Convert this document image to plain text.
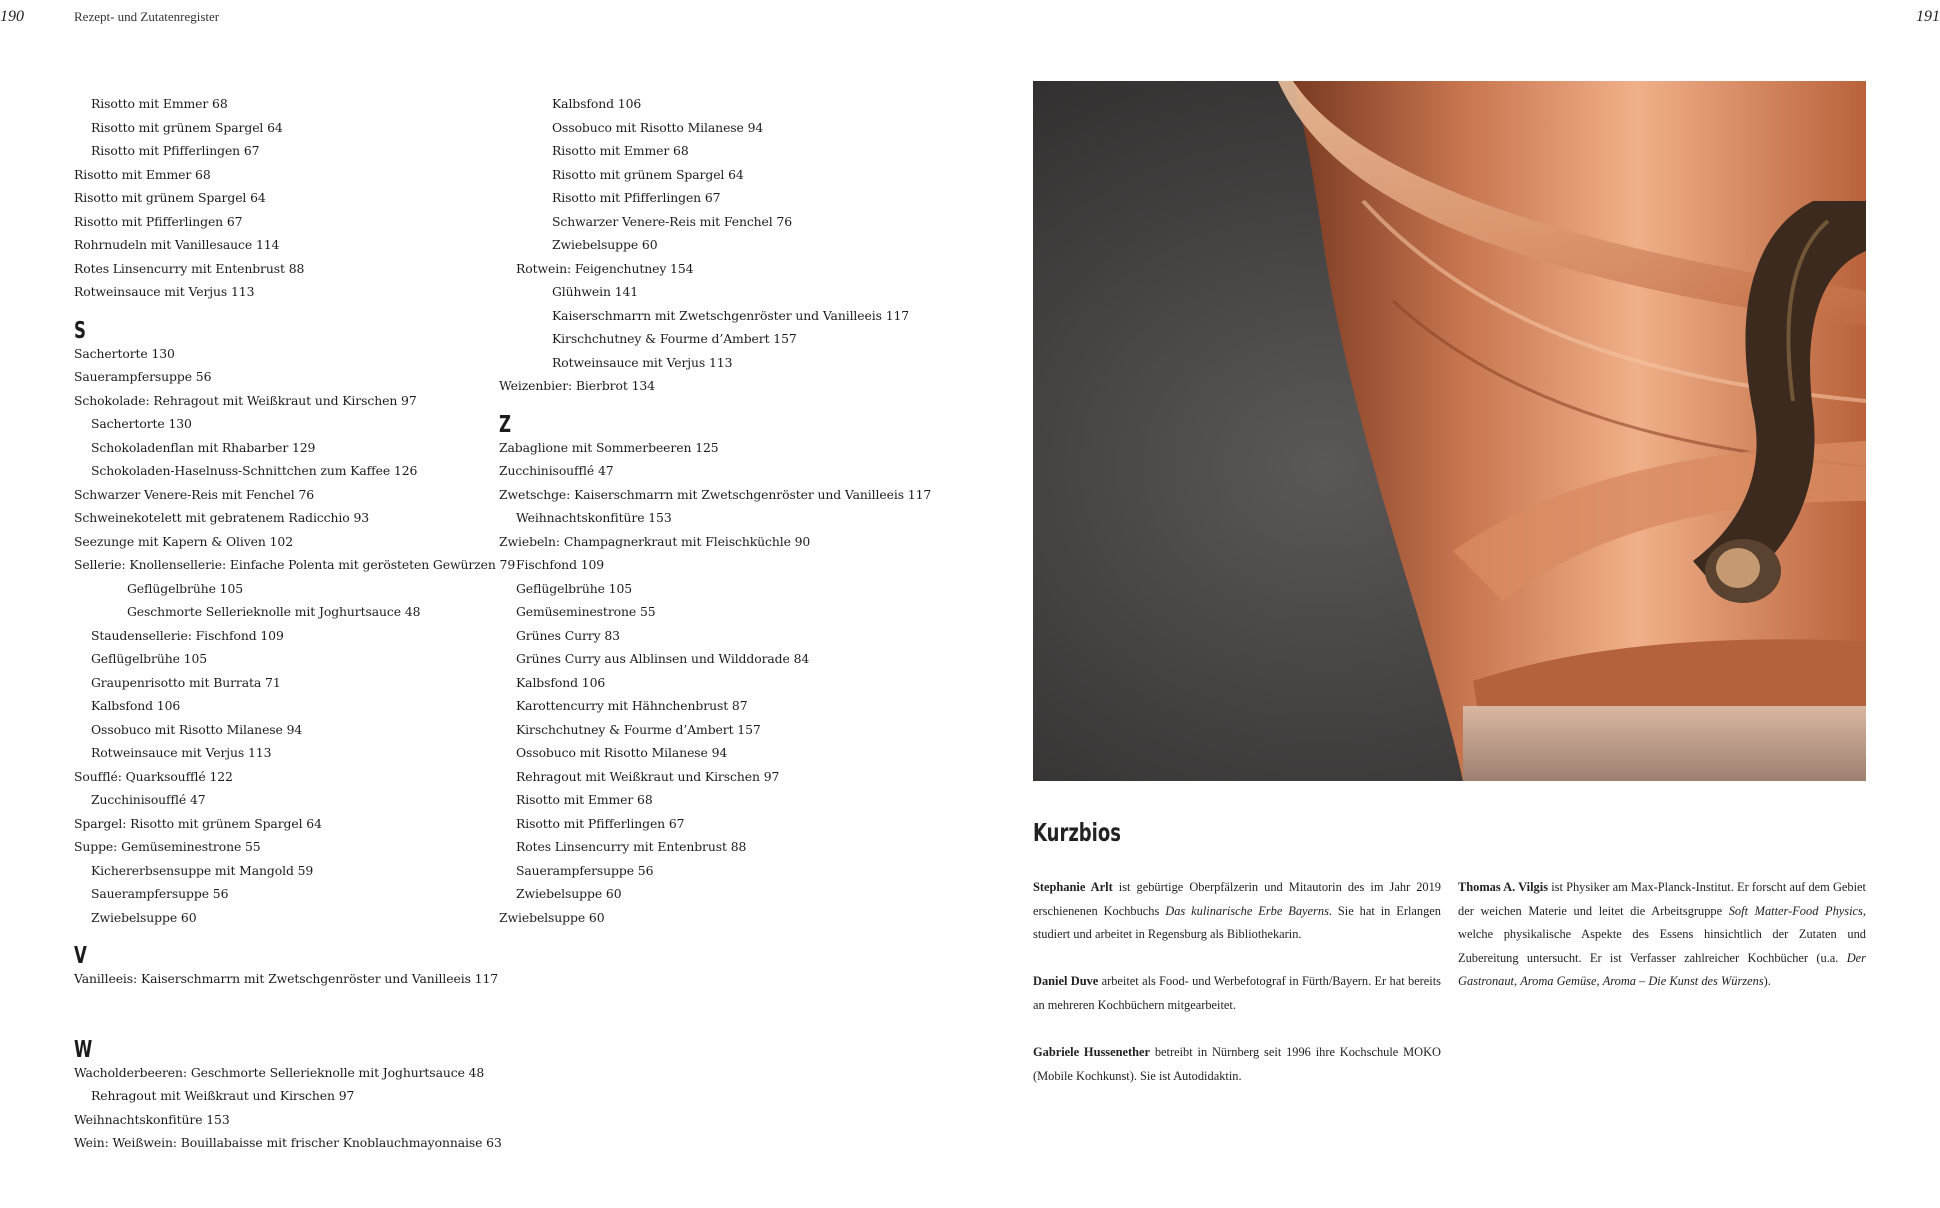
190	Rezept- und Zutatenregister	191
Risotto mit Emmer 68
Risotto mit grünem Spargel 64
Risotto mit Pfifferlingen 67
Risotto mit Emmer 68
Risotto mit grünem Spargel 64
Risotto mit Pfifferlingen 67
Rohrnudeln mit Vanillesauce 114
Rotes Linsencurry mit Entenbrust 88
Rotweinsauce mit Verjus 113
S
Sachertorte 130
Sauerampfersuppe 56
Schokolade: Rehragout mit Weißkraut und Kirschen 97
Sachertorte 130
Schokoladenflan mit Rhabarber 129
Schokoladen-Haselnuss-Schnittchen zum Kaffee 126
Schwarzer Venere-Reis mit Fenchel 76
Schweinekotelett mit gebratenem Radicchio 93
Seezunge mit Kapern & Oliven 102
Sellerie: Knollensellerie: Einfache Polenta mit gerösteten Gewürzen 79
Geflügelbrühe 105
Geschmorte Sellerieknolle mit Joghurtsauce 48
Staudensellerie: Fischfond 109
Geflügelbrühe 105
Graupenrisotto mit Burrata 71
Kalbsfond 106
Ossobuco mit Risotto Milanese 94
Rotweinsauce mit Verjus 113
Soufflé: Quarksoufflé 122
Zucchinisoufflé 47
Spargel: Risotto mit grünem Spargel 64
Suppe: Gemüseminestrone 55
Kichererbsensuppe mit Mangold 59
Sauerampfersuppe 56
Zwiebelsuppe 60
V
Vanilleeis: Kaiserschmarrn mit Zwetschgenröster und Vanilleeis 117
W
Wacholderbeeren: Geschmorte Sellerieknolle mit Joghurtsauce 48
Rehragout mit Weißkraut und Kirschen 97
Weihnachtskonfitüre 153
Wein: Weißwein: Bouillabaisse mit frischer Knoblauchmayonnaise 63
Kalbsfond 106
Ossobuco mit Risotto Milanese 94
Risotto mit Emmer 68
Risotto mit grünem Spargel 64
Risotto mit Pfifferlingen 67
Schwarzer Venere-Reis mit Fenchel 76
Zwiebelsuppe 60
Rotwein: Feigenchutney 154
Glühwein 141
Kaiserschmarrn mit Zwetschgenröster und Vanilleeis 117
Kirschchutney & Fourme d’Ambert 157
Rotweinsauce mit Verjus 113
Weizenbier: Bierbrot 134
Z
Zabaglione mit Sommerbeeren 125
Zucchinisoufflé 47
Zwetschge: Kaiserschmarrn mit Zwetschgenröster und Vanilleeis 117
Weihnachtskonfitüre 153
Zwiebeln: Champagnerkraut mit Fleischküchle 90
Fischfond 109
Geflügelbrühe 105
Gemüseminestrone 55
Grünes Curry 83
Grünes Curry aus Alblinsen und Wilddorade 84
Kalbsfond 106
Karottencurry mit Hähnchenbrust 87
Kirschchutney & Fourme d’Ambert 157
Ossobuco mit Risotto Milanese 94
Rehragout mit Weißkraut und Kirschen 97
Risotto mit Emmer 68
Risotto mit Pfifferlingen 67
Rotes Linsencurry mit Entenbrust 88
Sauerampfersuppe 56
Zwiebelsuppe 60
Zwiebelsuppe 60
Kurzbios
Stephanie Arlt ist gebürtige Oberpfälzerin und Mitautorin des im Jahr 2019 erschienenen Kochbuchs Das kulinarische Erbe Bayerns. Sie hat in Erlangen studiert und arbeitet in Regensburg als Bibliothekarin.
Daniel Duve arbeitet als Food- und Werbefotograf in Fürth/Bayern. Er hat bereits an mehreren Kochbüchern mitgearbeitet.
Gabriele Hussenether betreibt in Nürnberg seit 1996 ihre Kochschule MOKO (Mobile Kochkunst). Sie ist Autodidaktin.
Thomas A. Vilgis ist Physiker am Max-Planck-Institut. Er forscht auf dem Gebiet der weichen Materie und leitet die Arbeitsgruppe Soft Matter-Food Physics, welche physikalische Aspekte des Essens hinsichtlich der Zutaten und Zubereitung untersucht. Er ist Verfasser zahlreicher Kochbücher (u.a. Der Gastronaut, Aroma Gemüse, Aroma – Die Kunst des Würzens).
